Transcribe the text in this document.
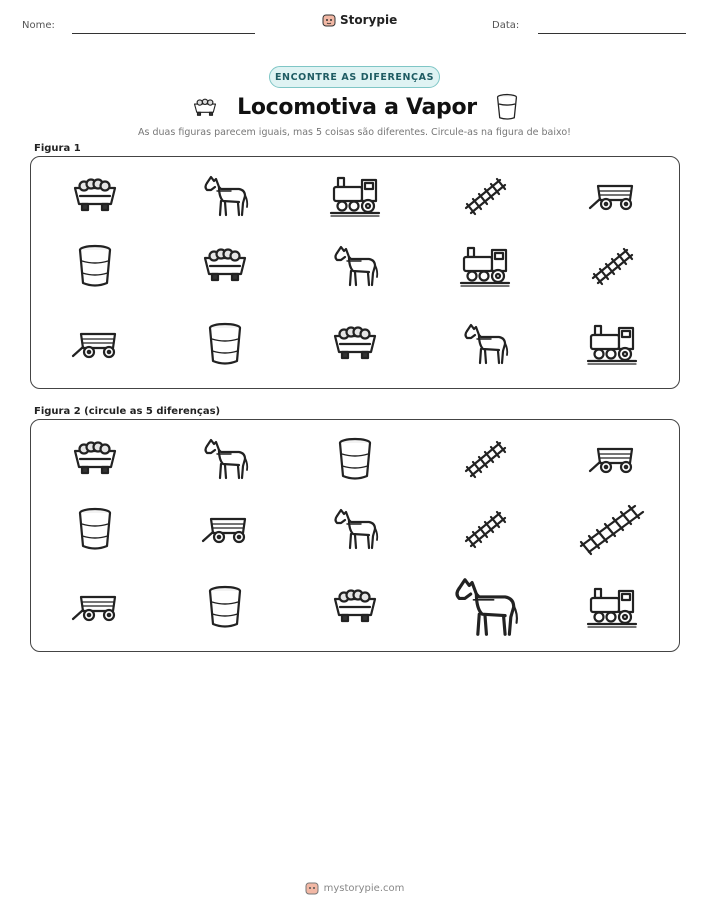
Nome:	Storypie	Data:
ENCONTRE AS DIFERENÇAS
Locomotiva a Vapor
As duas figuras parecem iguais, mas 5 coisas são diferentes. Circule-as na figura de baixo!
Figura 1
Figura 2 (circule as 5 diferenças)
mystorypie.com
